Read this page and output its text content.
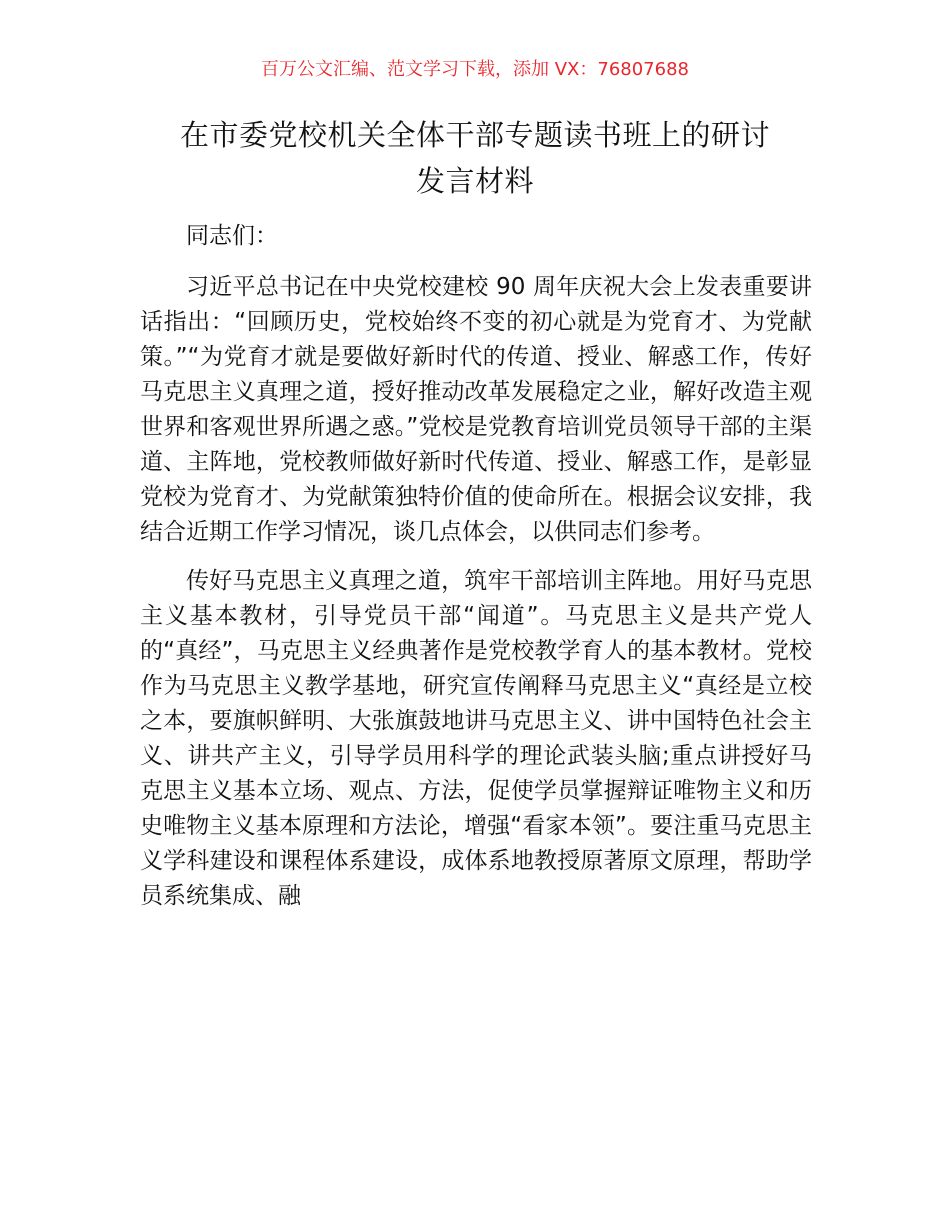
百万公文汇编、范文学习下载，添加 VX：76807688
在市委党校机关全体干部专题读书班上的研讨
发言材料

同志们：

习近平总书记在中央党校建校 90 周年庆祝大会上发表重要讲话指出：“回顾历史，党校始终不变的初心就是为党育才、为党献策。”“为党育才就是要做好新时代的传道、授业、解惑工作，传好马克思主义真理之道，授好推动改革发展稳定之业，解好改造主观世界和客观世界所遇之惑。”党校是党教育培训党员领导干部的主渠道、主阵地，党校教师做好新时代传道、授业、解惑工作，是彰显党校为党育才、为党献策独特价值的使命所在。根据会议安排，我结合近期工作学习情况，谈几点体会，以供同志们参考。

传好马克思主义真理之道，筑牢干部培训主阵地。用好马克思主义基本教材，引导党员干部“闻道”。马克思主义是共产党人的“真经”，马克思主义经典著作是党校教学育人的基本教材。党校作为马克思主义教学基地，研究宣传阐释马克思主义“真经是立校之本，要旗帜鲜明、大张旗鼓地讲马克思主义、讲中国特色社会主义、讲共产主义，引导学员用科学的理论武装头脑;重点讲授好马克思主义基本立场、观点、方法，促使学员掌握辩证唯物主义和历史唯物主义基本原理和方法论，增强“看家本领”。要注重马克思主义学科建设和课程体系建设，成体系地教授原著原文原理，帮助学员系统集成、融
